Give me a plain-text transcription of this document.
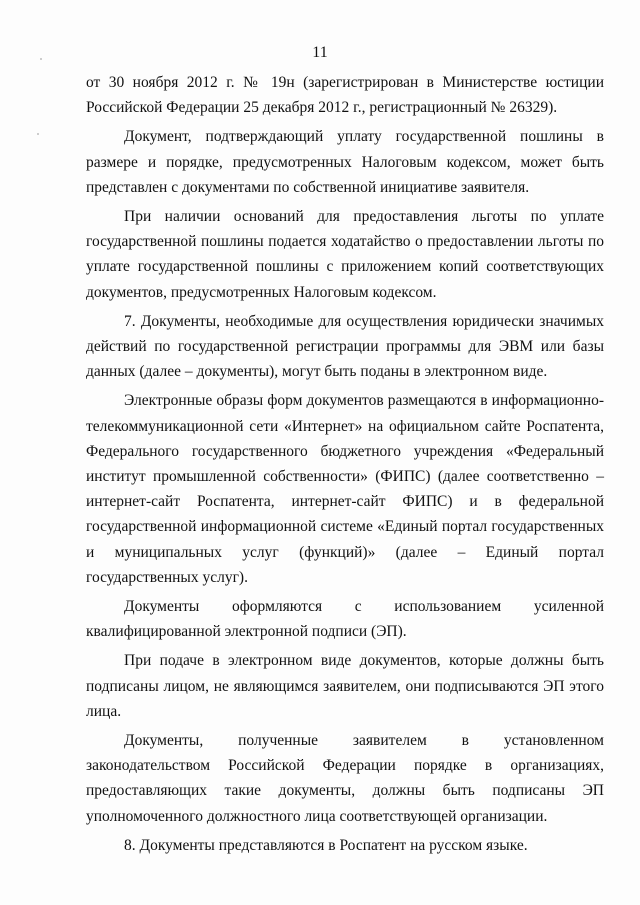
11

от 30 ноября 2012 г. № 19н (зарегистрирован в Министерстве юстиции Российской Федерации 25 декабря 2012 г., регистрационный № 26329).

Документ, подтверждающий уплату государственной пошлины в размере и порядке, предусмотренных Налоговым кодексом, может быть представлен с документами по собственной инициативе заявителя.

При наличии оснований для предоставления льготы по уплате государственной пошлины подается ходатайство о предоставлении льготы по уплате государственной пошлины с приложением копий соответствующих документов, предусмотренных Налоговым кодексом.

7. Документы, необходимые для осуществления юридически значимых действий по государственной регистрации программы для ЭВМ или базы данных (далее – документы), могут быть поданы в электронном виде.

Электронные образы форм документов размещаются в информационно-телекоммуникационной сети «Интернет» на официальном сайте Роспатента, Федерального государственного бюджетного учреждения «Федеральный институт промышленной собственности» (ФИПС) (далее соответственно – интернет-сайт Роспатента, интернет-сайт ФИПС) и в федеральной государственной информационной системе «Единый портал государственных и муниципальных услуг (функций)» (далее – Единый портал государственных услуг).

Документы оформляются с использованием усиленной квалифицированной электронной подписи (ЭП).

При подаче в электронном виде документов, которые должны быть подписаны лицом, не являющимся заявителем, они подписываются ЭП этого лица.

Документы, полученные заявителем в установленном законодательством Российской Федерации порядке в организациях, предоставляющих такие документы, должны быть подписаны ЭП уполномоченного должностного лица соответствующей организации.

8. Документы представляются в Роспатент на русском языке.
